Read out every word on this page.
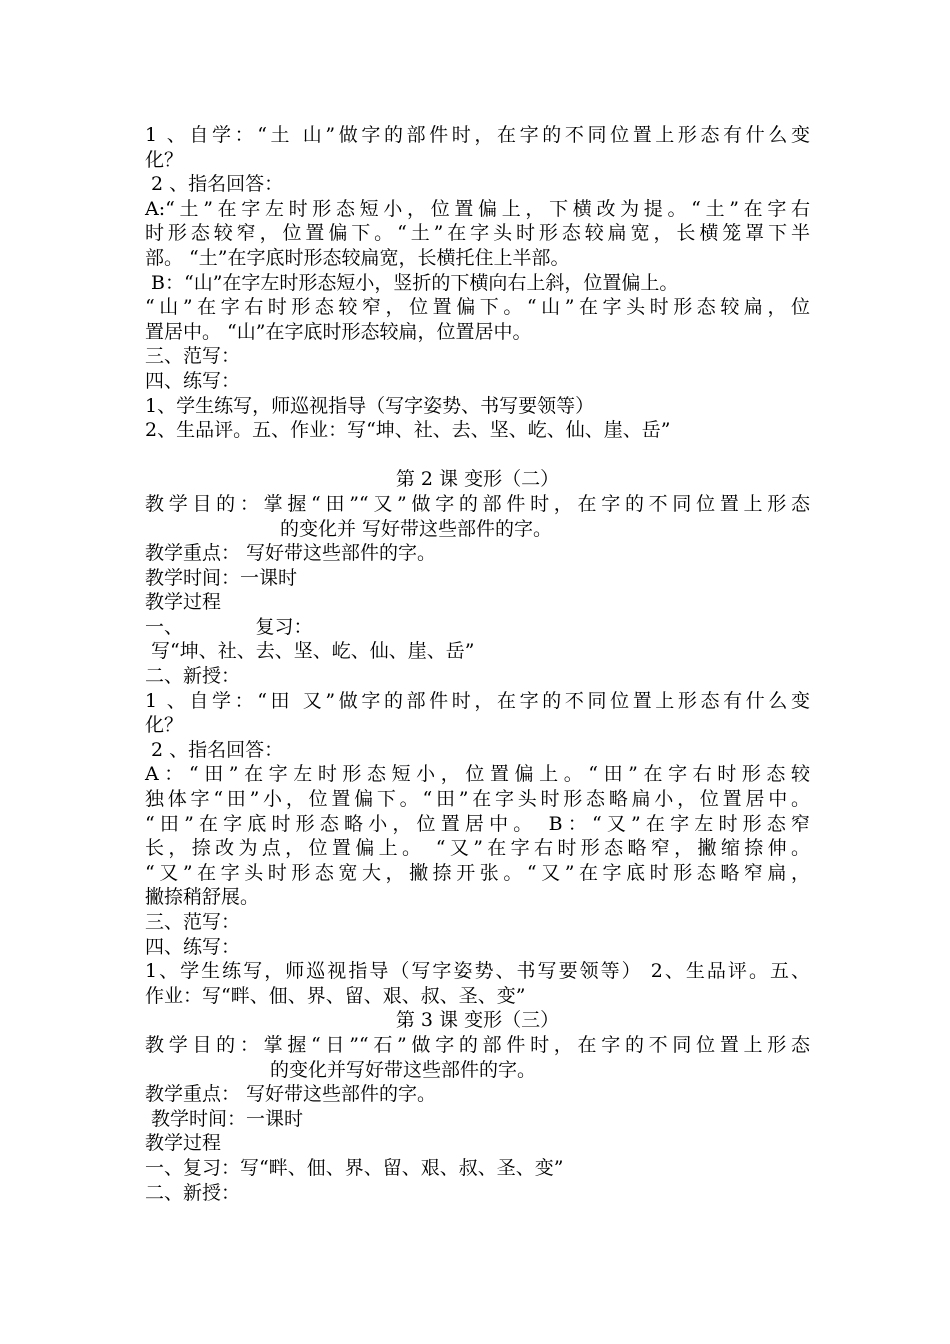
1 、自学：“土 山”做字的部件时，在字的不同位置上形态有什么变
化？
2 、指名回答：
A:“土”在字左时形态短小，位置偏上，下横改为提。“土”在字右
时形态较窄，位置偏下。“土”在字头时形态较扁宽，长横笼罩下半
部。 “土”在字底时形态较扁宽，长横托住上半部。
B：“山”在字左时形态短小，竖折的下横向右上斜，位置偏上。
“山”在字右时形态较窄，位置偏下。“山”在字头时形态较扁，位
置居中。 “山”在字底时形态较扁，位置居中。
三、范写：
四、练写：
1、学生练写，师巡视指导（写字姿势、书写要领等）
2、生品评。五、作业：写“坤、社、去、坚、屹、仙、崖、岳”
第 2 课 变形（二）
教学目的：掌握“田”“又”做字的部件时，在字的不同位置上形态
的变化并 写好带这些部件的字。
教学重点： 写好带这些部件的字。
教学时间：一课时
教学过程
一、            复习：
写“坤、社、去、坚、屹、仙、崖、岳”
二、新授：
1 、自学：“田 又”做字的部件时，在字的不同位置上形态有什么变
化？
2 、指名回答：
A：“田”在字左时形态短小，位置偏上。“田”在字右时形态较
独体字“田”小，位置偏下。“田”在字头时形态略扁小，位置居中。
“田”在字底时形态略小，位置居中。 B：“又”在字左时形态窄
长，捺改为点，位置偏上。 “又”在字右时形态略窄，撇缩捺伸。
“又”在字头时形态宽大，撇捺开张。“又”在字底时形态略窄扁，
撇捺稍舒展。
三、范写：
四、练写：
1、学生练写，师巡视指导（写字姿势、书写要领等） 2、生品评。五、
作业：写“畔、佃、界、留、艰、叔、圣、变”
第 3 课 变形（三）
教学目的：掌握“日”“石”做字的部件时，在字的不同位置上形态
的变化并写好带这些部件的字。
教学重点： 写好带这些部件的字。
教学时间：一课时
教学过程
一、复习：写“畔、佃、界、留、艰、叔、圣、变”
二、新授：
